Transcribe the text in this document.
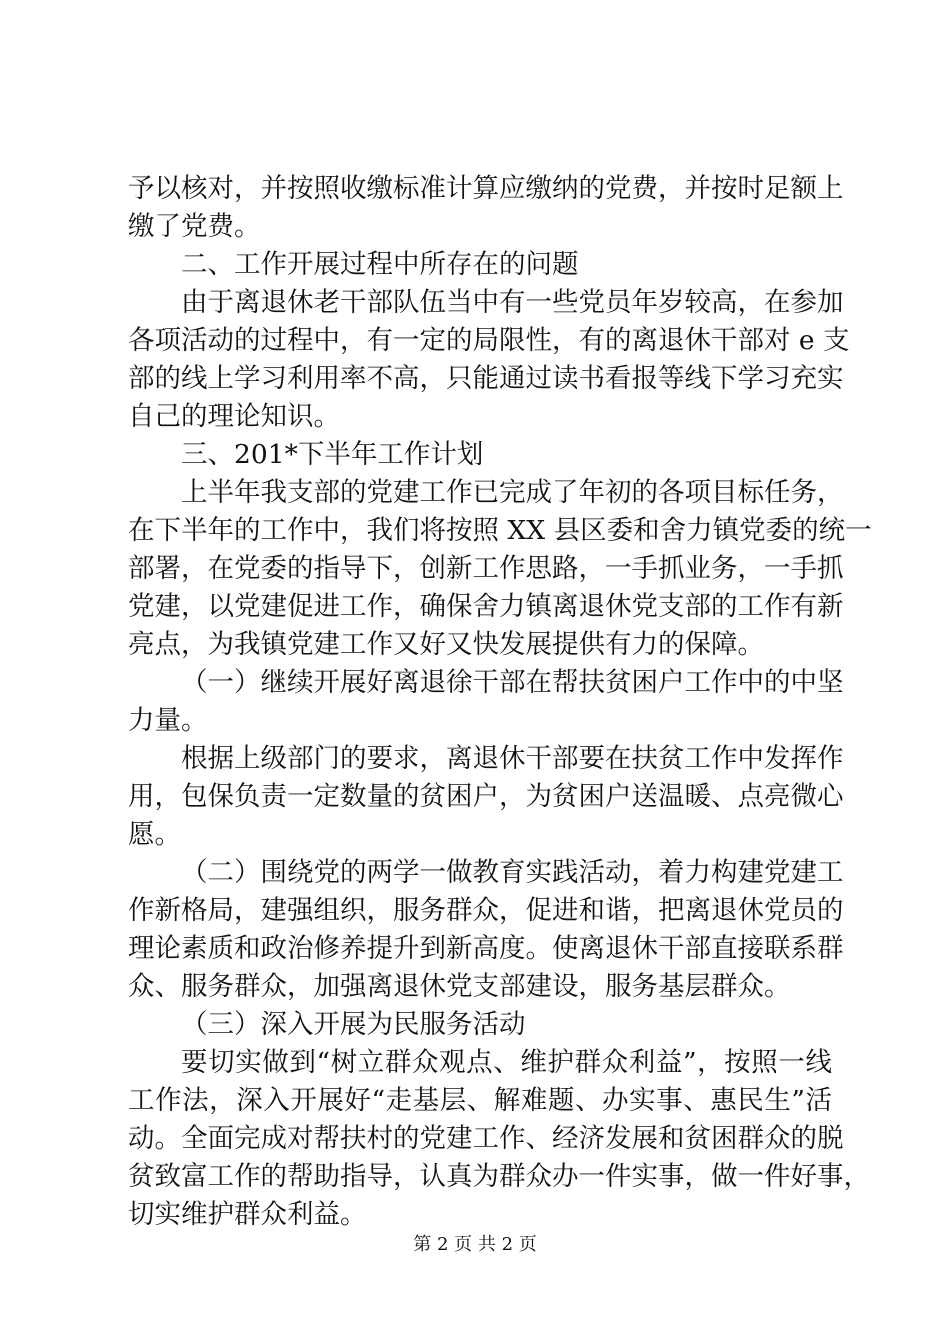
予以核对，并按照收缴标准计算应缴纳的党费，并按时足额上
缴了党费。
二、工作开展过程中所存在的问题
由于离退休老干部队伍当中有一些党员年岁较高，在参加
各项活动的过程中，有一定的局限性，有的离退休干部对 e 支
部的线上学习利用率不高，只能通过读书看报等线下学习充实
自己的理论知识。
三、201*下半年工作计划
上半年我支部的党建工作已完成了年初的各项目标任务，
在下半年的工作中，我们将按照 XX 县区委和舍力镇党委的统一
部署，在党委的指导下，创新工作思路，一手抓业务，一手抓
党建，以党建促进工作，确保舍力镇离退休党支部的工作有新
亮点，为我镇党建工作又好又快发展提供有力的保障。
（一）继续开展好离退徐干部在帮扶贫困户工作中的中坚
力量。
根据上级部门的要求，离退休干部要在扶贫工作中发挥作
用，包保负责一定数量的贫困户，为贫困户送温暖、点亮微心
愿。
（二）围绕党的两学一做教育实践活动，着力构建党建工
作新格局，建强组织，服务群众，促进和谐，把离退休党员的
理论素质和政治修养提升到新高度。使离退休干部直接联系群
众、服务群众，加强离退休党支部建设，服务基层群众。
（三）深入开展为民服务活动
要切实做到“树立群众观点、维护群众利益”，按照一线
工作法，深入开展好“走基层、解难题、办实事、惠民生”活
动。全面完成对帮扶村的党建工作、经济发展和贫困群众的脱
贫致富工作的帮助指导，认真为群众办一件实事，做一件好事，
切实维护群众利益。
第 2 页 共 2 页
